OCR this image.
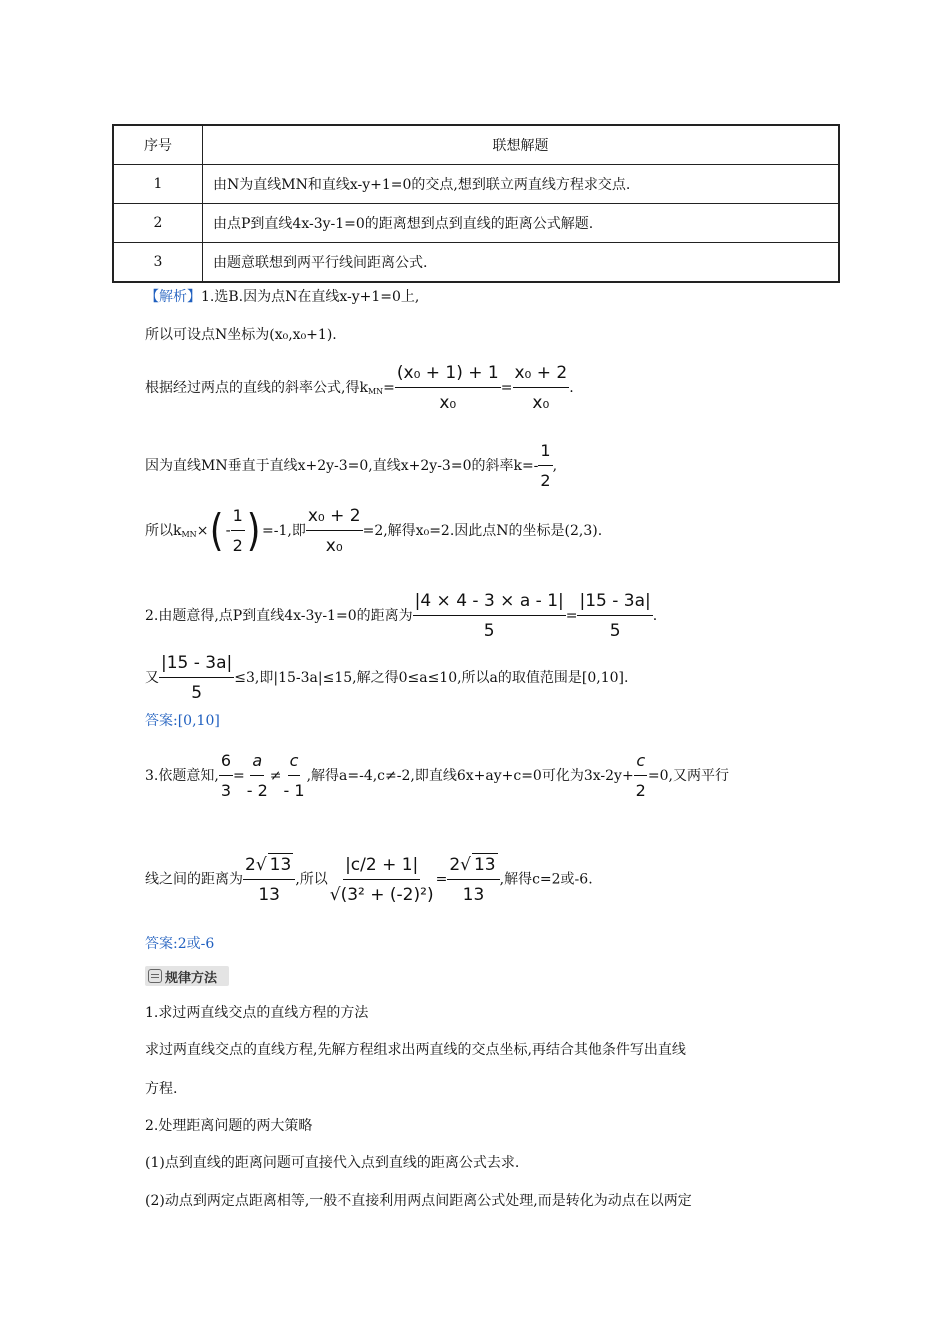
序号	联想解题
1	由N为直线MN和直线x-y+1=0的交点,想到联立两直线方程求交点.
2	由点P到直线4x-3y-1=0的距离想到点到直线的距离公式解题.
3	由题意联想到两平行线间距离公式.
【解析】1.选B.因为点N在直线x-y+1=0上,
所以可设点N坐标为(x₀,x₀+1).
根据经过两点的直线的斜率公式,得$k_{MN}= \frac{\text{(x₀ + 1) + 1}}{\text{x₀}} = \frac{\text{x₀ + 2}}{\text{x₀}}$ .
因为直线MN垂直于直线x+2y-3=0,直线x+2y-3=0的斜率$k=- \frac{1}{2}$ ,
所以$k_{MN}\times( - \frac{1}{2}$ ) =-1,即 $\frac{\text{x₀ + 2}}{\text{x₀}} =2$,解得x₀=2.因此点N的坐标是(2,3).
2.由题意得,点P到直线4x-3y-1=0的距离为 $\frac{|4 \times 4 - 3 \times a - 1|}{5} = \frac{|15 - 3a|}{5}$ .
又 $\frac{|15 - 3a|}{5} \le 3$,即|15-3a|≤15,解之得0≤a≤10,所以a的取值范围是[0,10].
答案:[0,10]
3.依题意知, $\frac{6}{3} = \frac{a}{- 2} \ne \frac{c}{- 1}$ ,解得a=-4,c≠-2,即直线6x+ay+c=0可化为$3x-2y+ \frac{c}{2} =0$,又两平行
线之间的距离为 $\frac{2√ 13}{13}$ ,所以 $\frac{|c/2 + 1|}{\text{√(3² + (-2)²)}} = \frac{2√ 13}{13}$ ,解得c=2或-6.
答案:2或-6
规律方法
1.求过两直线交点的直线方程的方法
求过两直线交点的直线方程,先解方程组求出两直线的交点坐标,再结合其他条件写出直线
方程.
2.处理距离问题的两大策略
(1)点到直线的距离问题可直接代入点到直线的距离公式去求.
(2)动点到两定点距离相等,一般不直接利用两点间距离公式处理,而是转化为动点在以两定
